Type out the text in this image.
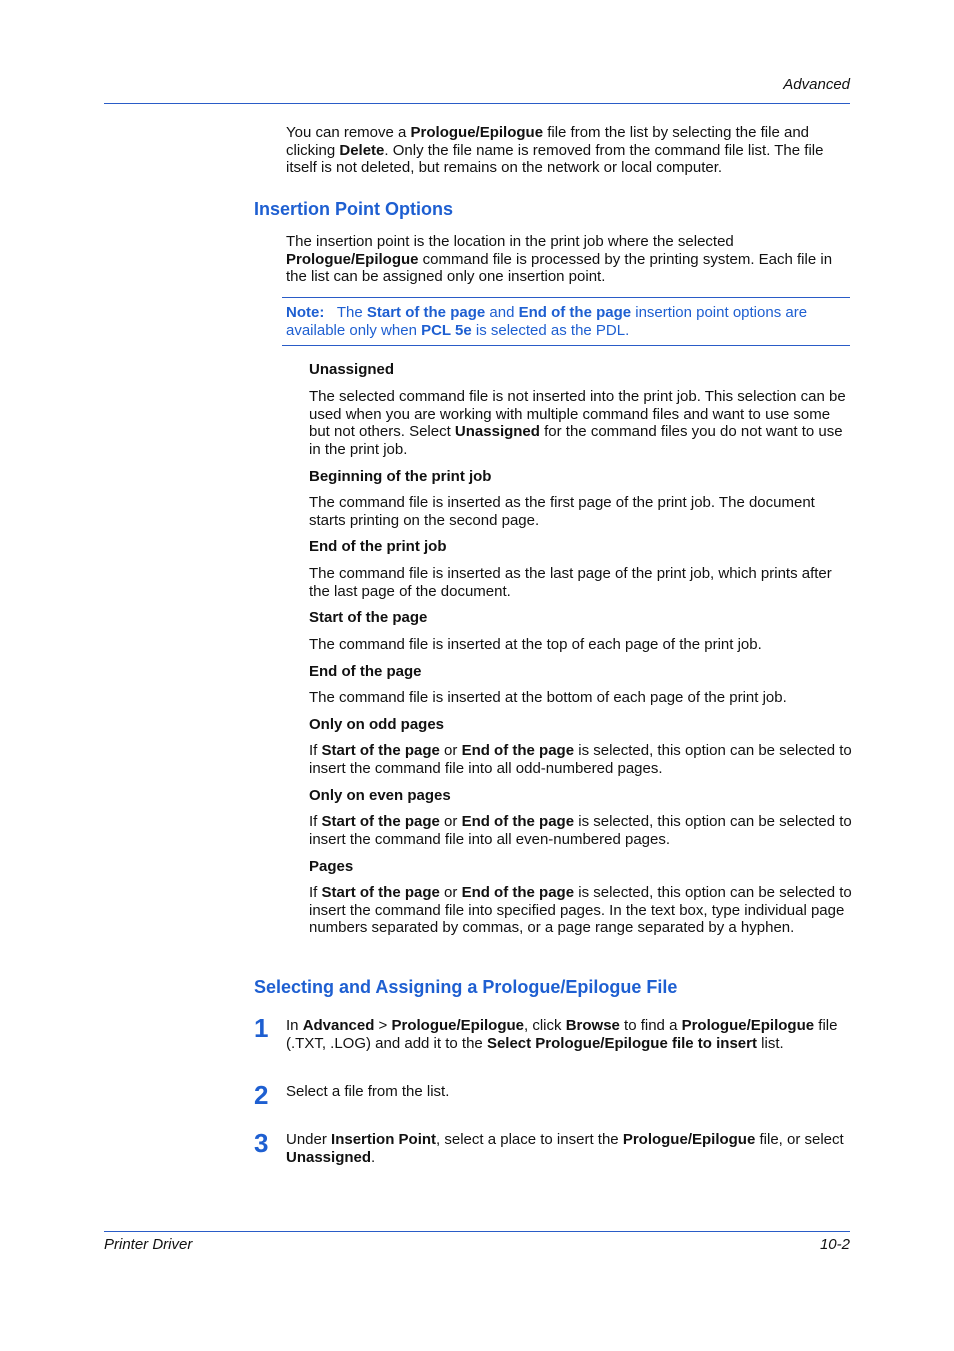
Advanced

You can remove a Prologue/Epilogue file from the list by selecting the file and clicking Delete. Only the file name is removed from the command file list. The file itself is not deleted, but remains on the network or local computer.

Insertion Point Options

The insertion point is the location in the print job where the selected Prologue/Epilogue command file is processed by the printing system. Each file in the list can be assigned only one insertion point.

Note: The Start of the page and End of the page insertion point options are available only when PCL 5e is selected as the PDL.

Unassigned

The selected command file is not inserted into the print job. This selection can be used when you are working with multiple command files and want to use some but not others. Select Unassigned for the command files you do not want to use in the print job.

Beginning of the print job

The command file is inserted as the first page of the print job. The document starts printing on the second page.

End of the print job

The command file is inserted as the last page of the print job, which prints after the last page of the document.

Start of the page

The command file is inserted at the top of each page of the print job.

End of the page

The command file is inserted at the bottom of each page of the print job.

Only on odd pages

If Start of the page or End of the page is selected, this option can be selected to insert the command file into all odd-numbered pages.

Only on even pages

If Start of the page or End of the page is selected, this option can be selected to insert the command file into all even-numbered pages.

Pages

If Start of the page or End of the page is selected, this option can be selected to insert the command file into specified pages. In the text box, type individual page numbers separated by commas, or a page range separated by a hyphen.

Selecting and Assigning a Prologue/Epilogue File
1 In Advanced > Prologue/Epilogue, click Browse to find a Prologue/Epilogue file (.TXT, .LOG) and add it to the Select Prologue/Epilogue file to insert list.

2 Select a file from the list.

3 Under Insertion Point, select a place to insert the Prologue/Epilogue file, or select Unassigned.

Printer Driver	10-2
